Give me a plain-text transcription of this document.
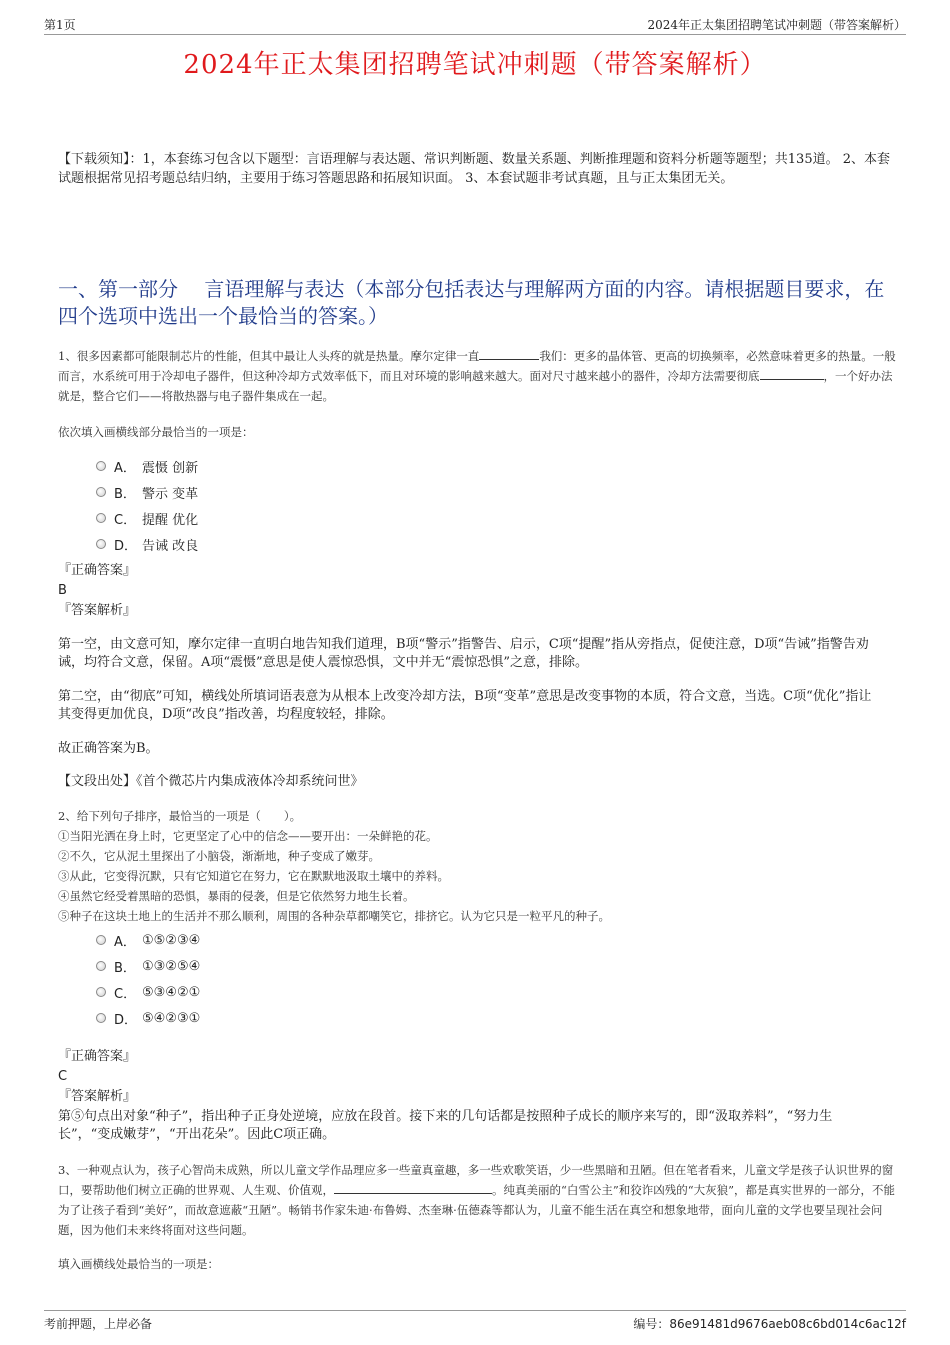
第1页	2024年正太集团招聘笔试冲刺题（带答案解析）
2024年正太集团招聘笔试冲刺题（带答案解析）
【下载须知】：1，本套练习包含以下题型：言语理解与表达题、常识判断题、数量关系题、判断推理题和资料分析题等题型；共135道。 2、本套试题根据常见招考题总结归纳，主要用于练习答题思路和拓展知识面。 3、本套试题非考试真题，且与正太集团无关。
一、第一部分　 言语理解与表达（本部分包括表达与理解两方面的内容。请根据题目要求，在四个选项中选出一个最恰当的答案。）
1、很多因素都可能限制芯片的性能，但其中最让人头疼的就是热量。摩尔定律一直	我们：更多的晶体管、更高的切换频率，必然意味着更多的热量。一般而言，水系统可用于冷却电子器件，但这种冷却方式效率低下，而且对环境的影响越来越大。面对尺寸越来越小的器件，冷却方法需要彻底	，一个好办法就是，整合它们——将散热器与电子器件集成在一起。
依次填入画横线部分最恰当的一项是：
A． 震慑 创新
B． 警示 变革
C． 提醒 优化
D． 告诫 改良
『正确答案』
B
『答案解析』
第一空，由文意可知，摩尔定律一直明白地告知我们道理，B项“警示”指警告、启示，C项“提醒”指从旁指点，促使注意，D项“告诫”指警告劝诫，均符合文意，保留。A项“震慑”意思是使人震惊恐惧，文中并无“震惊恐惧”之意，排除。
第二空，由“彻底”可知，横线处所填词语表意为从根本上改变冷却方法，B项“变革”意思是改变事物的本质，符合文意，当选。C项“优化”指让其变得更加优良，D项“改良”指改善，均程度较轻，排除。
故正确答案为B。
【文段出处】《首个微芯片内集成液体冷却系统问世》
2、给下列句子排序，最恰当的一项是（　　）。
①当阳光洒在身上时，它更坚定了心中的信念——要开出：一朵鲜艳的花。
②不久，它从泥土里探出了小脑袋，渐渐地，种子变成了嫩芽。
③从此，它变得沉默，只有它知道它在努力，它在默默地汲取土壤中的养料。
④虽然它经受着黑暗的恐惧，暴雨的侵袭，但是它依然努力地生长着。
⑤种子在这块土地上的生活并不那么顺利，周围的各种杂草都嘲笑它，排挤它。认为它只是一粒平凡的种子。
A． ①⑤②③④
B． ①③②⑤④
C． ⑤③④②①
D． ⑤④②③①
『正确答案』
C
『答案解析』
第⑤句点出对象“种子”，指出种子正身处逆境，应放在段首。接下来的几句话都是按照种子成长的顺序来写的，即“汲取养料”，“努力生长”，“变成嫩芽”，“开出花朵”。因此C项正确。
3、一种观点认为，孩子心智尚未成熟，所以儿童文学作品理应多一些童真童趣，多一些欢歌笑语，少一些黑暗和丑陋。但在笔者看来，儿童文学是孩子认识世界的窗口，要帮助他们树立正确的世界观、人生观、价值观，	。纯真美丽的“白雪公主”和狡诈凶残的“大灰狼”，都是真实世界的一部分，不能为了让孩子看到“美好”，而故意遮蔽“丑陋”。畅销书作家朱迪·布鲁姆、杰奎琳·伍德森等都认为，儿童不能生活在真空和想象地带，面向儿童的文学也要呈现社会问题，因为他们未来终将面对这些问题。
填入画横线处最恰当的一项是：
考前押题，上岸必备	编号：86e91481d9676aeb08c6bd014c6ac12f
